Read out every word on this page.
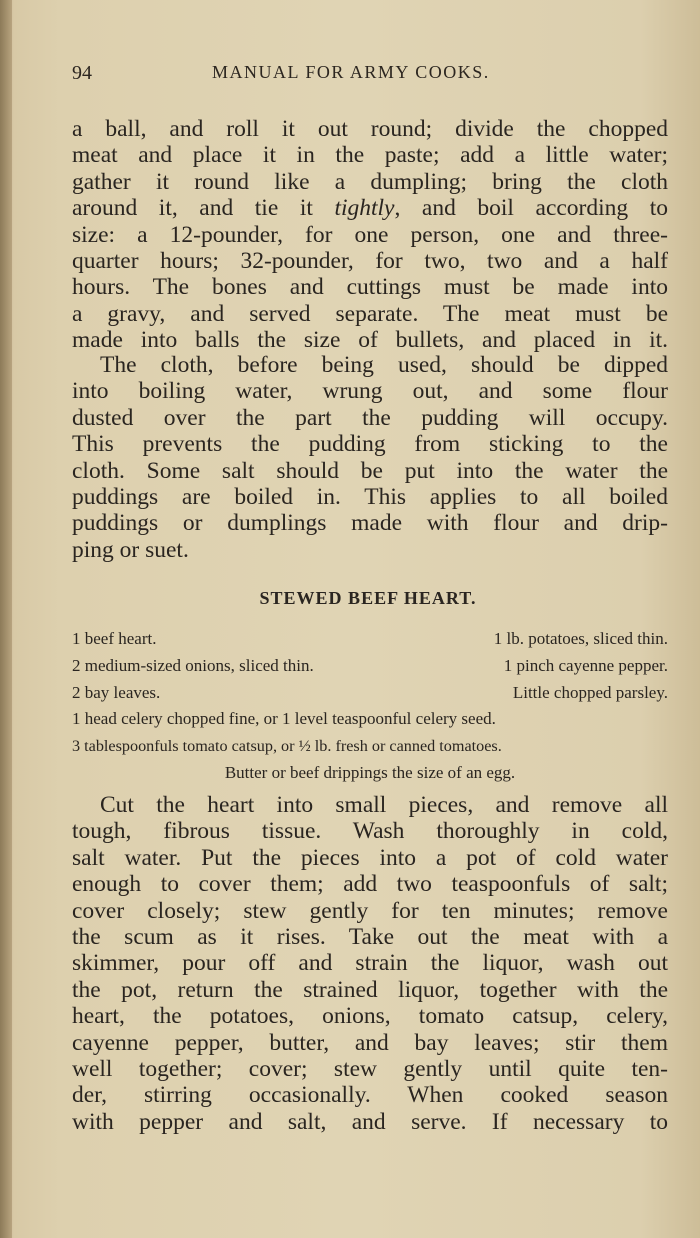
94	MANUAL FOR ARMY COOKS.
a ball, and roll it out round; divide the chopped
meat and place it in the paste; add a little water;
gather it round like a dumpling; bring the cloth
around it, and tie it tightly, and boil according to
size: a 12-pounder, for one person, one and three-
quarter hours; 32-pounder, for two, two and a half
hours. The bones and cuttings must be made into
a gravy, and served separate. The meat must be
made into balls the size of bullets, and placed in it.
The cloth, before being used, should be dipped
into boiling water, wrung out, and some flour
dusted over the part the pudding will occupy.
This prevents the pudding from sticking to the
cloth. Some salt should be put into the water the
puddings are boiled in. This applies to all boiled
puddings or dumplings made with flour and drip-
ping or suet.
STEWED BEEF HEART.
1 beef heart.	1 lb. potatoes, sliced thin.
2 medium-sized onions, sliced thin.	1 pinch cayenne pepper.
2 bay leaves.	Little chopped parsley.
1 head celery chopped fine, or 1 level teaspoonful celery seed.
3 tablespoonfuls tomato catsup, or ½ lb. fresh or canned tomatoes.
Butter or beef drippings the size of an egg.
Cut the heart into small pieces, and remove all
tough, fibrous tissue. Wash thoroughly in cold,
salt water. Put the pieces into a pot of cold water
enough to cover them; add two teaspoonfuls of salt;
cover closely; stew gently for ten minutes; remove
the scum as it rises. Take out the meat with a
skimmer, pour off and strain the liquor, wash out
the pot, return the strained liquor, together with the
heart, the potatoes, onions, tomato catsup, celery,
cayenne pepper, butter, and bay leaves; stir them
well together; cover; stew gently until quite ten-
der, stirring occasionally. When cooked season
with pepper and salt, and serve. If necessary to
